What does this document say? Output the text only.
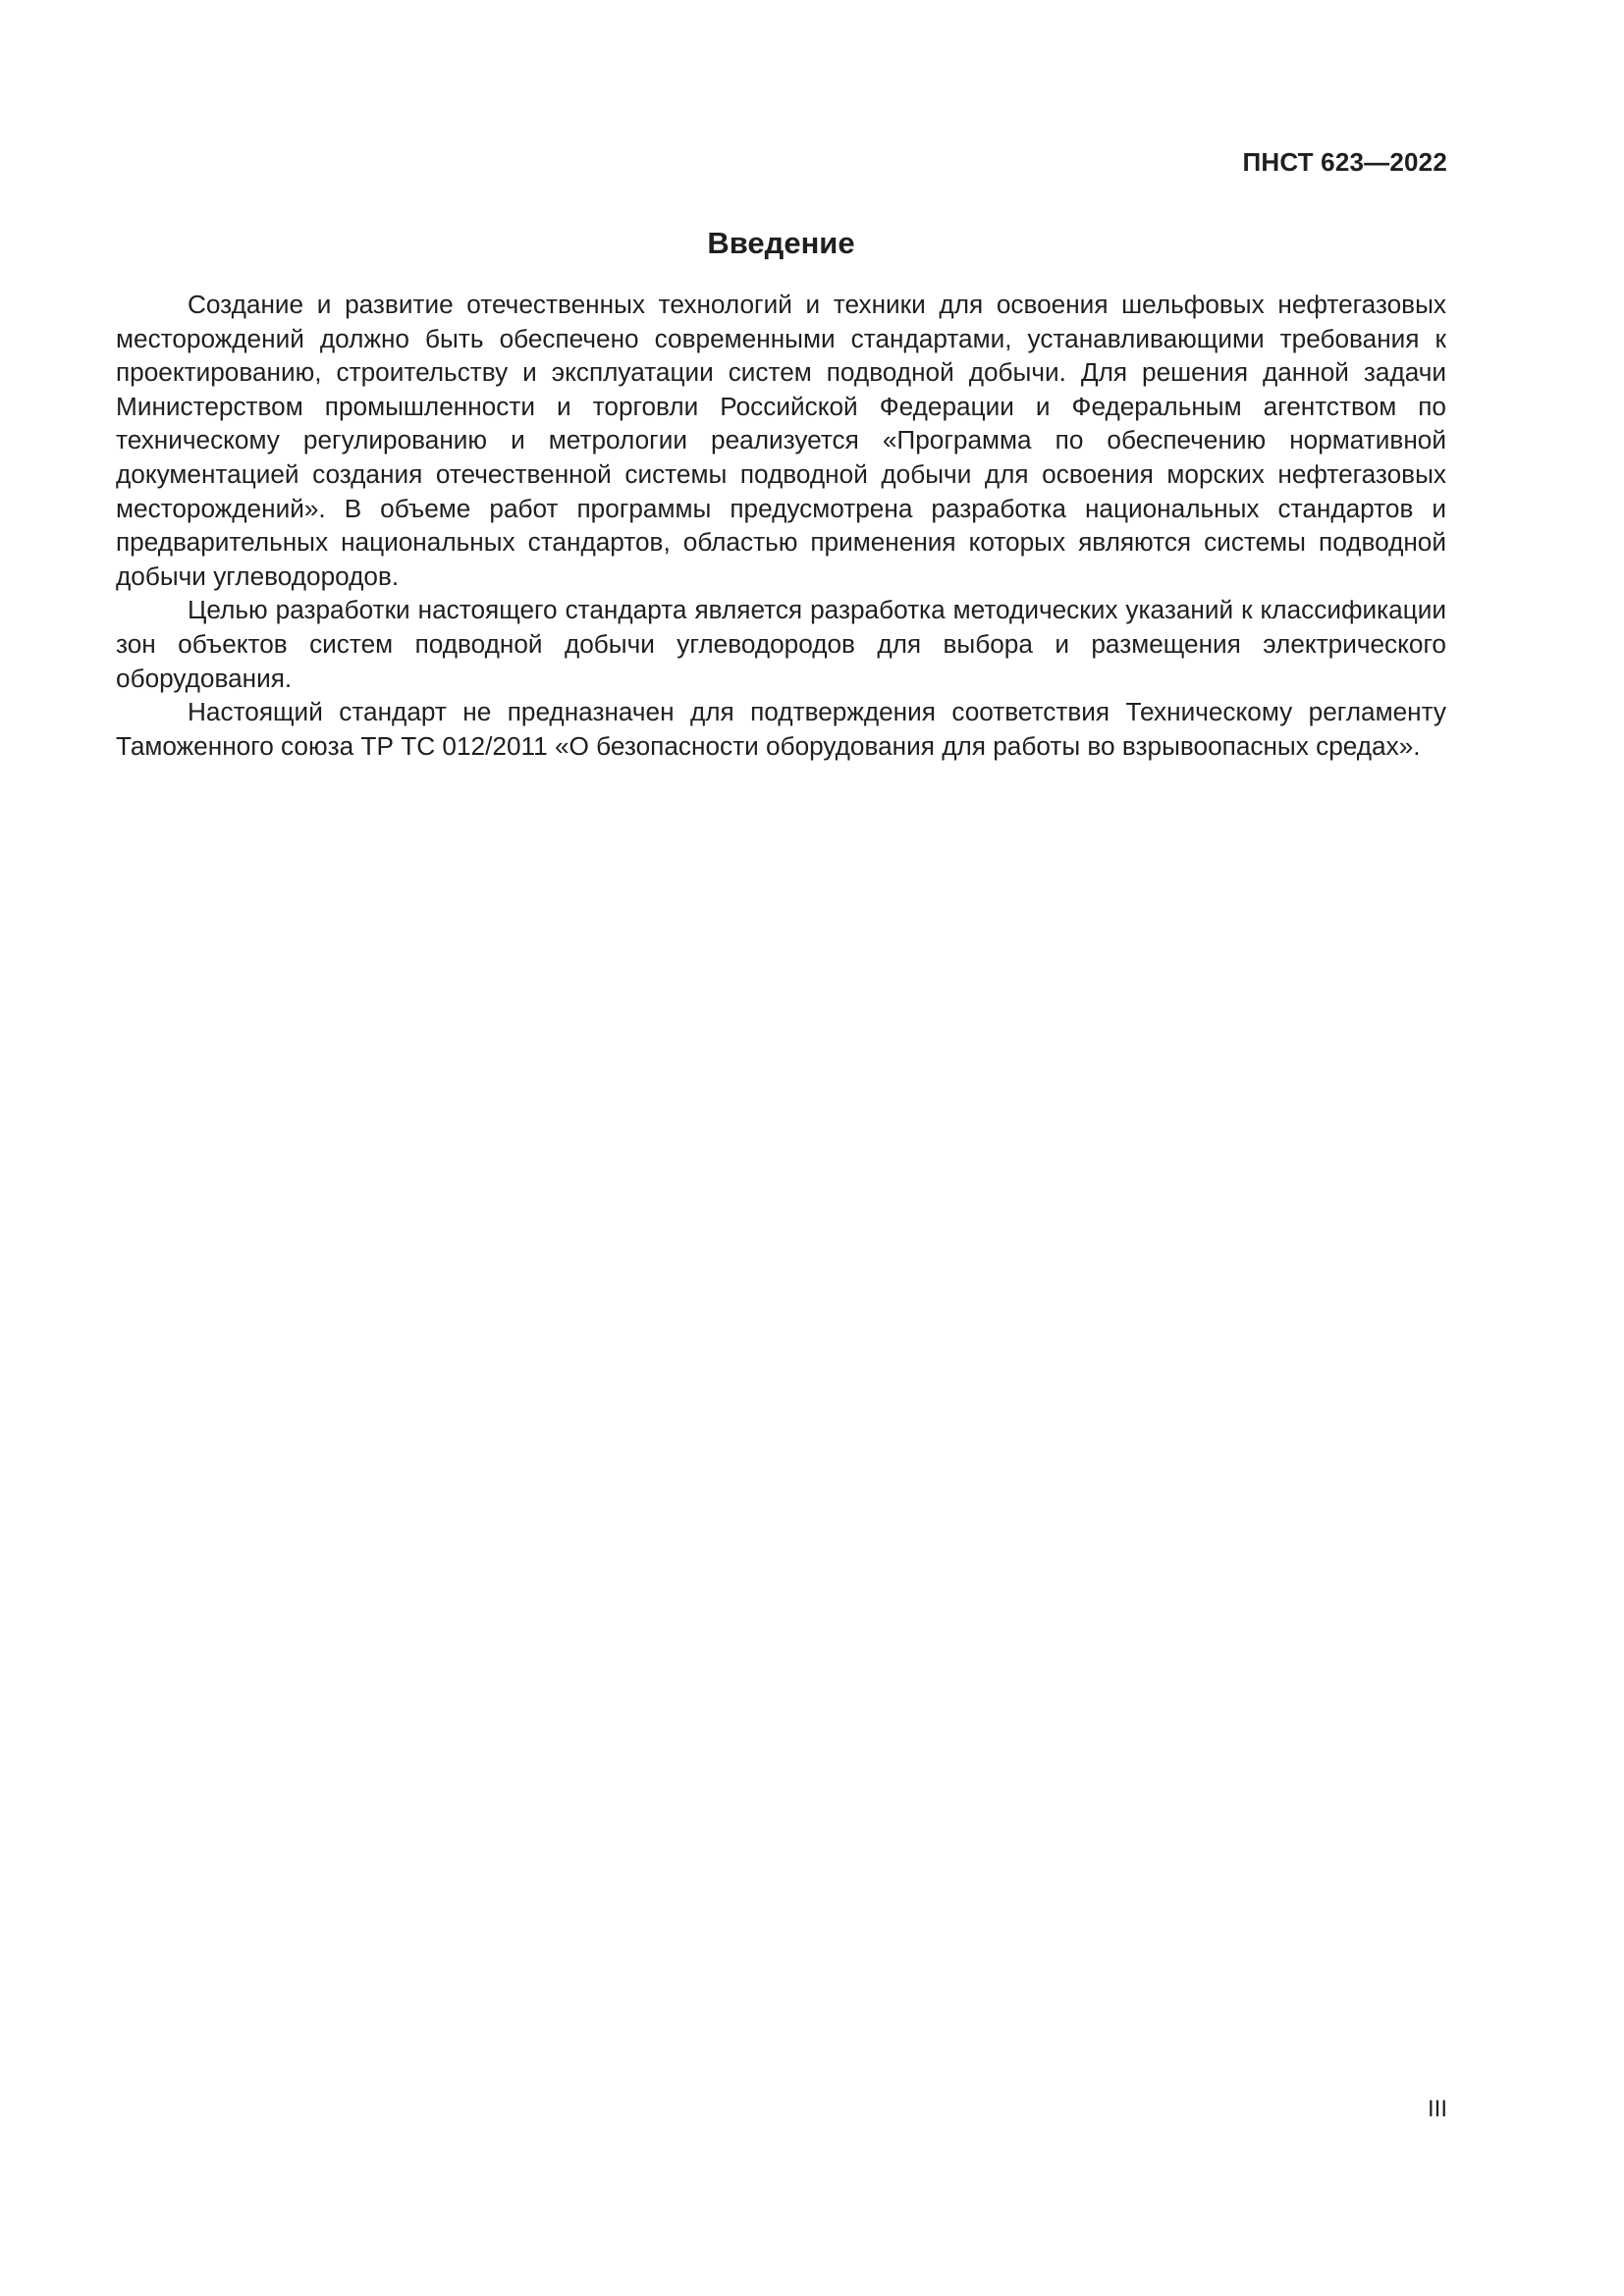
ПНСТ 623—2022
Введение

Создание и развитие отечественных технологий и техники для освоения шельфовых нефтегазовых месторождений должно быть обеспечено современными стандартами, устанавливающими требования к проектированию, строительству и эксплуатации систем подводной добычи. Для решения данной задачи Министерством промышленности и торговли Российской Федерации и Федеральным агентством по техническому регулированию и метрологии реализуется «Программа по обеспечению нормативной документацией создания отечественной системы подводной добычи для освоения морских нефтегазовых месторождений». В объеме работ программы предусмотрена разработка национальных стандартов и предварительных национальных стандартов, областью применения которых являются системы подводной добычи углеводородов.

Целью разработки настоящего стандарта является разработка методических указаний к классификации зон объектов систем подводной добычи углеводородов для выбора и размещения электрического оборудования.

Настоящий стандарт не предназначен для подтверждения соответствия Техническому регламенту Таможенного союза ТР ТС 012/2011 «О безопасности оборудования для работы во взрывоопасных средах».

III
